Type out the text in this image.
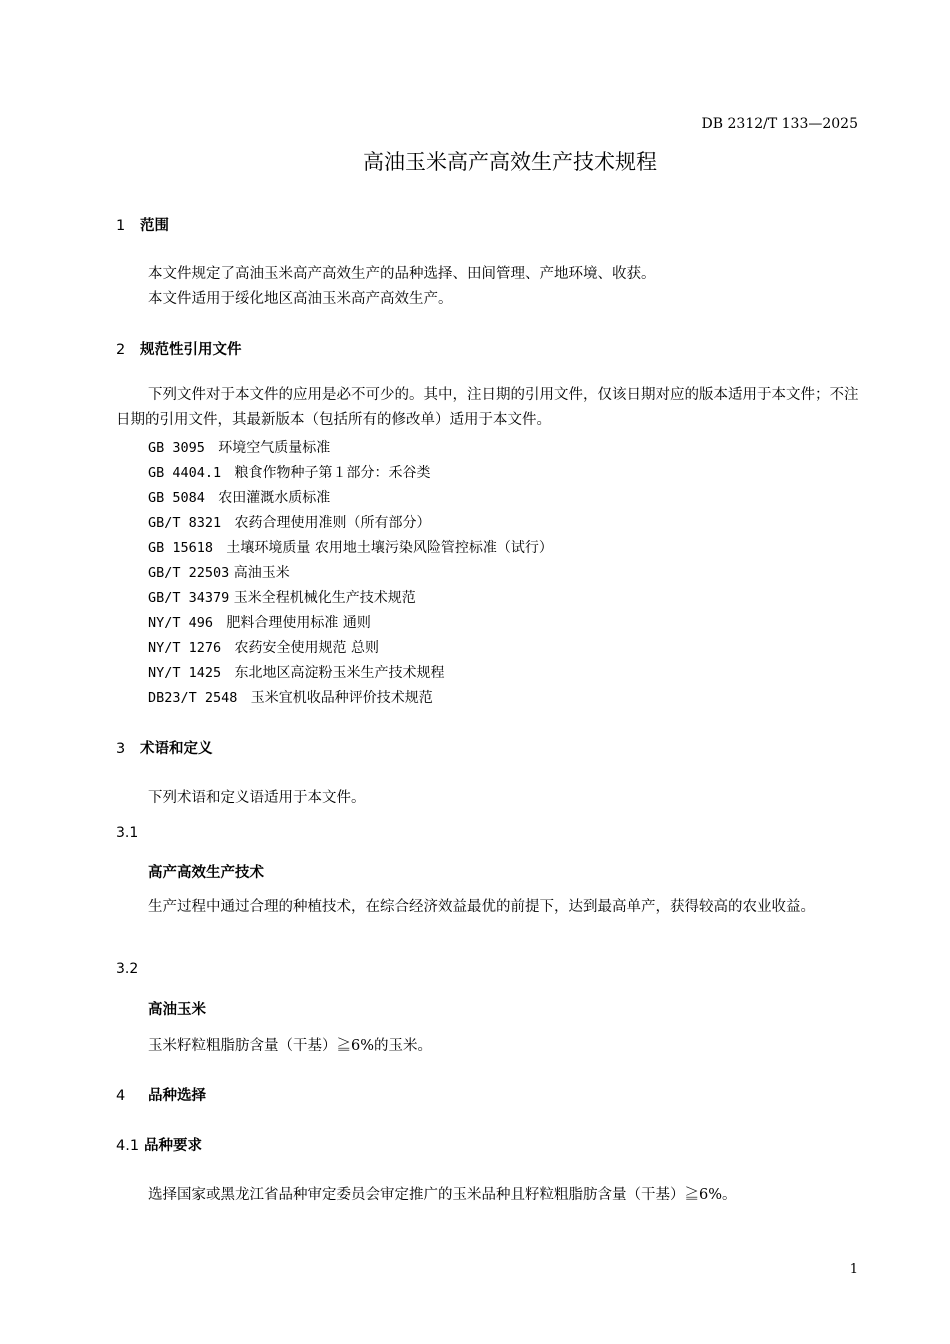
DB 2312/T 133—2025
高油玉米高产高效生产技术规程
1 范围
本文件规定了高油玉米高产高效生产的品种选择、田间管理、产地环境、收获。
本文件适用于绥化地区高油玉米高产高效生产。
2 规范性引用文件
下列文件对于本文件的应用是必不可少的。其中，注日期的引用文件，仅该日期对应的版本适用于本文件；不注日期的引用文件，其最新版本（包括所有的修改单）适用于本文件。
GB 3095 环境空气质量标准
GB 4404.1 粮食作物种子第１部分：禾谷类
GB 5084 农田灌溉水质标准
GB/T 8321 农药合理使用准则（所有部分）
GB 15618 土壤环境质量 农用地土壤污染风险管控标准（试行）
GB/T 22503 高油玉米
GB/T 34379 玉米全程机械化生产技术规范
NY/T 496 肥料合理使用标准 通则
NY/T 1276 农药安全使用规范 总则
NY/T 1425 东北地区高淀粉玉米生产技术规程
DB23/T 2548 玉米宜机收品种评价技术规范
3 术语和定义
下列术语和定义语适用于本文件。
3.1
高产高效生产技术
生产过程中通过合理的种植技术，在综合经济效益最优的前提下，达到最高单产，获得较高的农业收益。
3.2
高油玉米
玉米籽粒粗脂肪含量（干基）≧6%的玉米。
4 品种选择
4.1 品种要求
选择国家或黑龙江省品种审定委员会审定推广的玉米品种且籽粒粗脂肪含量（干基）≧6%。
1
